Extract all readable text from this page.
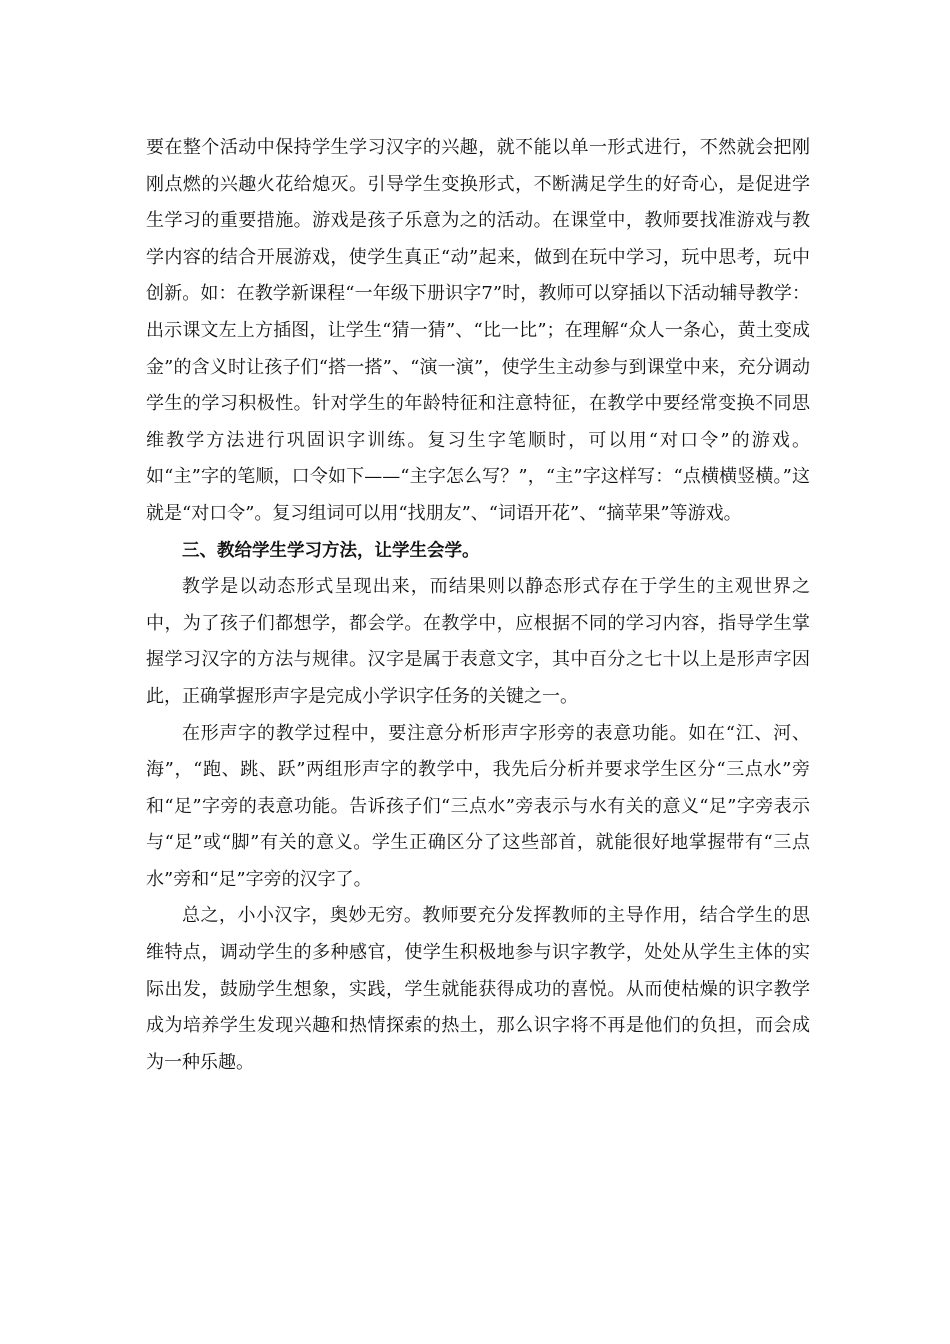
要在整个活动中保持学生学习汉字的兴趣，就不能以单一形式进行，不然就会把刚刚点燃的兴趣火花给熄灭。引导学生变换形式，不断满足学生的好奇心，是促进学生学习的重要措施。游戏是孩子乐意为之的活动。在课堂中，教师要找准游戏与教学内容的结合开展游戏，使学生真正“动”起来，做到在玩中学习，玩中思考，玩中创新。如：在教学新课程“一年级下册识字7”时，教师可以穿插以下活动辅导教学：出示课文左上方插图，让学生“猜一猜”、“比一比”；在理解“众人一条心，黄土变成金”的含义时让孩子们“搭一搭”、“演一演”，使学生主动参与到课堂中来，充分调动学生的学习积极性。针对学生的年龄特征和注意特征，在教学中要经常变换不同思维教学方法进行巩固识字训练。复习生字笔顺时，可以用“对口令”的游戏。如“主”字的笔顺，口令如下——“主字怎么写？”，“主”字这样写：“点横横竖横。”这就是“对口令”。复习组词可以用“找朋友”、“词语开花”、“摘苹果”等游戏。

三、教给学生学习方法，让学生会学。

教学是以动态形式呈现出来，而结果则以静态形式存在于学生的主观世界之中，为了孩子们都想学，都会学。在教学中，应根据不同的学习内容，指导学生掌握学习汉字的方法与规律。汉字是属于表意文字，其中百分之七十以上是形声字因此，正确掌握形声字是完成小学识字任务的关键之一。

在形声字的教学过程中，要注意分析形声字形旁的表意功能。如在“江、河、海”，“跑、跳、跃”两组形声字的教学中，我先后分析并要求学生区分“三点水”旁和“足”字旁的表意功能。告诉孩子们“三点水”旁表示与水有关的意义“足”字旁表示与“足”或“脚”有关的意义。学生正确区分了这些部首，就能很好地掌握带有“三点水”旁和“足”字旁的汉字了。

总之，小小汉字，奥妙无穷。教师要充分发挥教师的主导作用，结合学生的思维特点，调动学生的多种感官，使学生积极地参与识字教学，处处从学生主体的实际出发，鼓励学生想象，实践，学生就能获得成功的喜悦。从而使枯燥的识字教学成为培养学生发现兴趣和热情探索的热土，那么识字将不再是他们的负担，而会成为一种乐趣。
